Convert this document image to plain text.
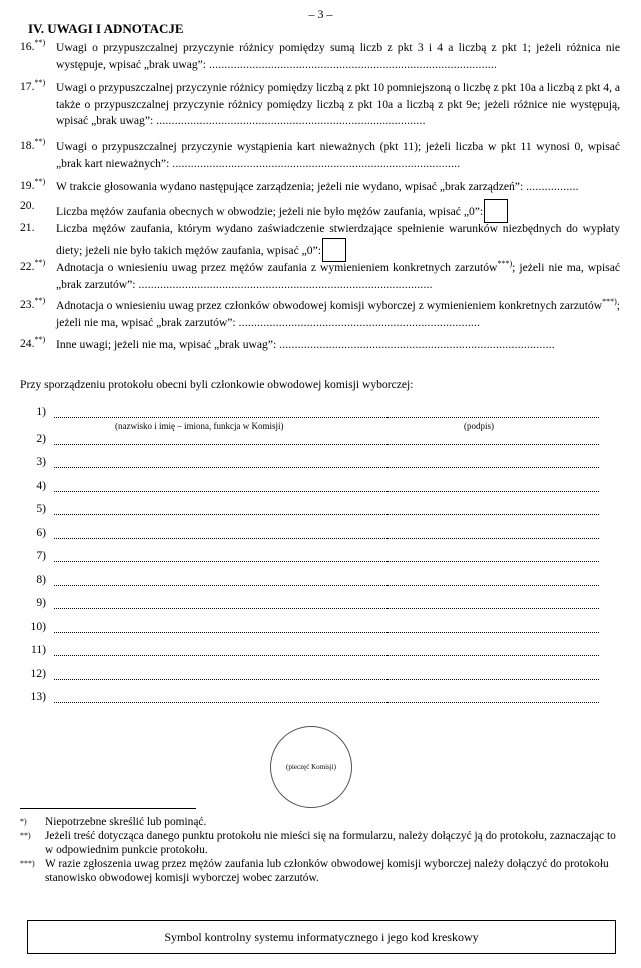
– 3 –
IV. UWAGI I ADNOTACJE
16.**) Uwagi o przypuszczalnej przyczynie różnicy pomiędzy sumą liczb z pkt 3 i 4 a liczbą z pkt 1; jeżeli różnica nie występuje, wpisać „brak uwag”: .............................................................................................
17.**) Uwagi o przypuszczalnej przyczynie różnicy pomiędzy liczbą z pkt 10 pomniejszoną o liczbę z pkt 10a a liczbą z pkt 4, a także o przypuszczalnej przyczynie różnicy pomiędzy liczbą z pkt 10a a liczbą z pkt 9e; jeżeli różnice nie występują, wpisać „brak uwag”: .......................................................................................
18.**) Uwagi o przypuszczalnej przyczynie wystąpienia kart nieważnych (pkt 11); jeżeli liczba w pkt 11 wynosi 0, wpisać „brak kart nieważnych”: .............................................................................................
19.**) W trakcie głosowania wydano następujące zarządzenia; jeżeli nie wydano, wpisać „brak zarządzeń”: .................
20.	Liczba mężów zaufania obecnych w obwodzie; jeżeli nie było mężów zaufania, wpisać „0”:
21.	Liczba mężów zaufania, którym wydano zaświadczenie stwierdzające spełnienie warunków niezbędnych do wypłaty diety; jeżeli nie było takich mężów zaufania, wpisać „0”:
22.**) Adnotacja o wniesieniu uwag przez mężów zaufania z wymienieniem konkretnych zarzutów***); jeżeli nie ma, wpisać „brak zarzutów”: ...............................................................................................
23.**) Adnotacja o wniesieniu uwag przez członków obwodowej komisji wyborczej z wymienieniem konkretnych zarzutów***); jeżeli nie ma, wpisać „brak zarzutów”: ..............................................................................
24.**) Inne uwagi; jeżeli nie ma, wpisać „brak uwag”: .........................................................................................
Przy sporządzeniu protokołu obecni byli członkowie obwodowej komisji wyborczej:
1)
(nazwisko i imię – imiona, funkcja w Komisji)	(podpis)
2)
3)
4)
5)
6)
7)
8)
9)
10)
11)
12)
13)
(pieczęć Komisji)
*) Niepotrzebne skreślić lub pominąć.
**) Jeżeli treść dotycząca danego punktu protokołu nie mieści się na formularzu, należy dołączyć ją do protokołu, zaznaczając to w odpowiednim punkcie protokołu.
***) W razie zgłoszenia uwag przez mężów zaufania lub członków obwodowej komisji wyborczej należy dołączyć do protokołu stanowisko obwodowej komisji wyborczej wobec zarzutów.
Symbol kontrolny systemu informatycznego i jego kod kreskowy
